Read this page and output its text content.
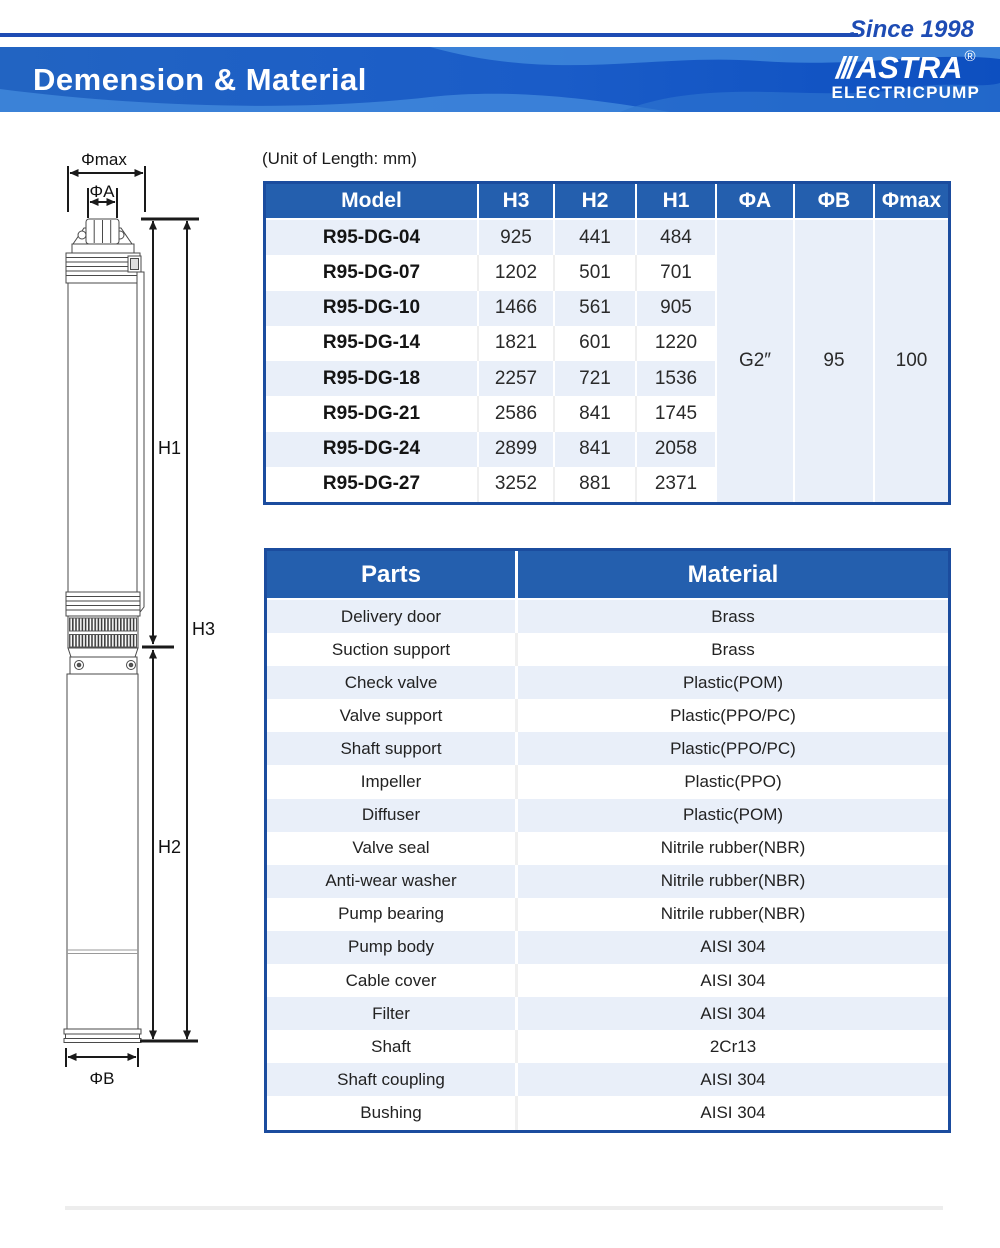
Since 1998
Demension & Material	/// ASTRA ®
ELECTRICPUMP
(Unit of Length: mm)
Φmax
ΦA
H1
H3
H2
ΦB
Model	H3	H2	H1	ΦA	ΦB	Φmax
R95-DG-04	925	441	484
R95-DG-07	1202	501	701
R95-DG-10	1466	561	905
R95-DG-14	1821	601	1220
R95-DG-18	2257	721	1536
R95-DG-21	2586	841	1745
R95-DG-24	2899	841	2058
R95-DG-27	3252	881	2371
G2″	95	100
Parts	Material
Delivery door	Brass
Suction support	Brass
Check valve	Plastic(POM)
Valve support	Plastic(PPO/PC)
Shaft support	Plastic(PPO/PC)
Impeller	Plastic(PPO)
Diffuser	Plastic(POM)
Valve seal	Nitrile rubber(NBR)
Anti-wear washer	Nitrile rubber(NBR)
Pump bearing	Nitrile rubber(NBR)
Pump body	AISI 304
Cable cover	AISI 304
Filter	AISI 304
Shaft	2Cr13
Shaft coupling	AISI 304
Bushing	AISI 304
